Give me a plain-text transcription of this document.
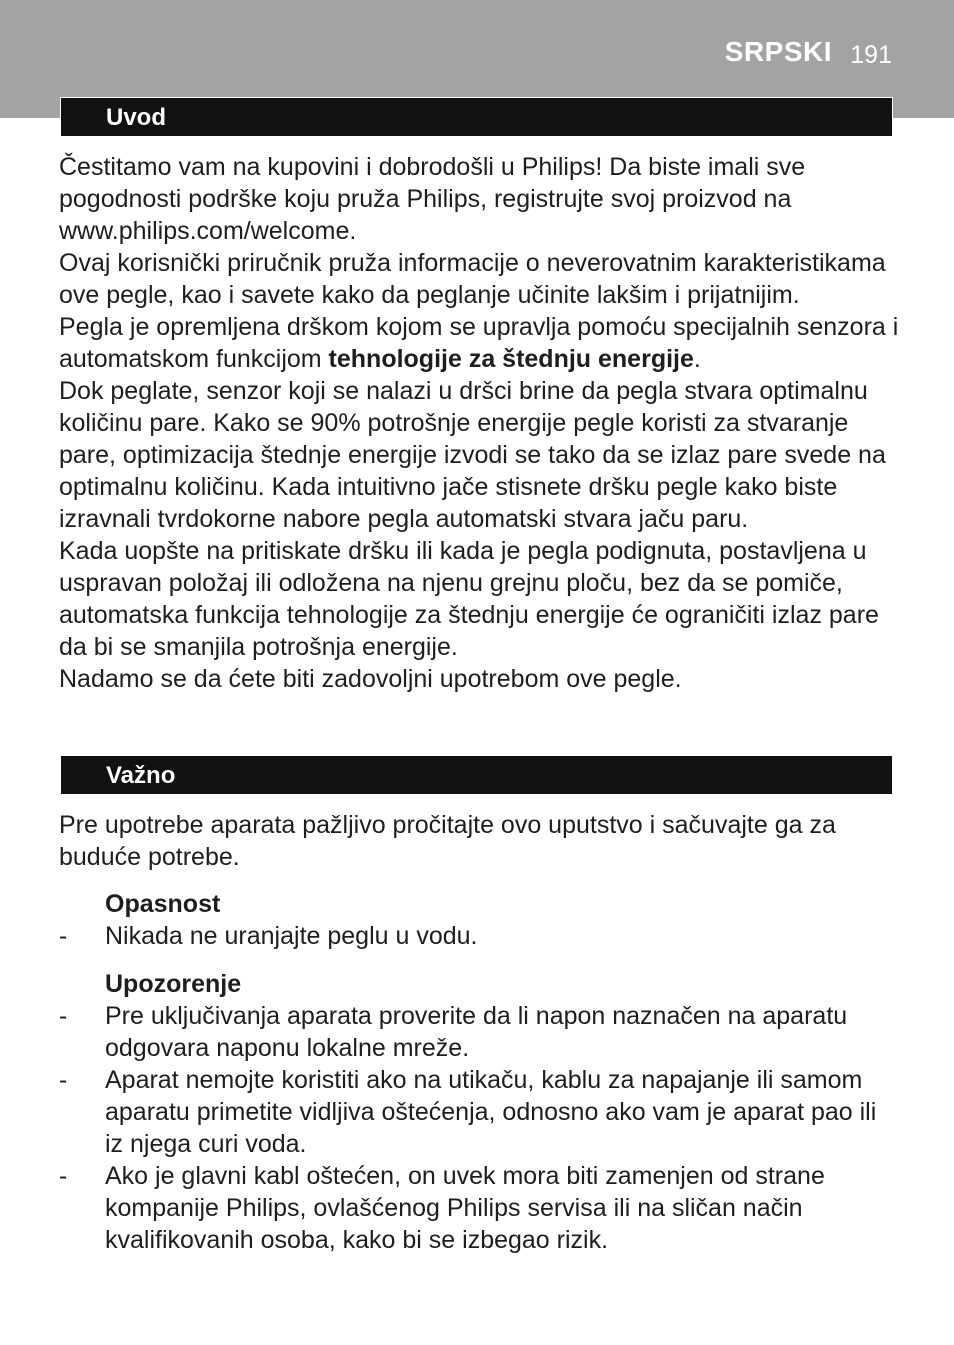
SRPSKI 191
Uvod

Čestitamo vam na kupovini i dobrodošli u Philips! Da biste imali sve pogodnosti podrške koju pruža Philips, registrujte svoj proizvod na www.philips.com/welcome.

Ovaj korisnički priručnik pruža informacije o neverovatnim karakteristikama ove pegle, kao i savete kako da peglanje učinite lakšim i prijatnijim.

Pegla je opremljena drškom kojom se upravlja pomoću specijalnih senzora i automatskom funkcijom tehnologije za štednju energije.

Dok peglate, senzor koji se nalazi u dršci brine da pegla stvara optimalnu količinu pare. Kako se 90% potrošnje energije pegle koristi za stvaranje pare, optimizacija štednje energije izvodi se tako da se izlaz pare svede na optimalnu količinu. Kada intuitivno jače stisnete dršku pegle kako biste izravnali tvrdokorne nabore pegla automatski stvara jaču paru.

Kada uopšte na pritiskate dršku ili kada je pegla podignuta, postavljena u uspravan položaj ili odložena na njenu grejnu ploču, bez da se pomiče, automatska funkcija tehnologije za štednju energije će ograničiti izlaz pare da bi se smanjila potrošnja energije.

Nadamo se da ćete biti zadovoljni upotrebom ove pegle.

Važno

Pre upotrebe aparata pažljivo pročitajte ovo uputstvo i sačuvajte ga za buduće potrebe.

Opasnost
- Nikada ne uranjajte peglu u vodu.
Upozorenje
- Pre uključivanja aparata proverite da li napon naznačen na aparatu odgovara naponu lokalne mreže.
- Aparat nemojte koristiti ako na utikaču, kablu za napajanje ili samom aparatu primetite vidljiva oštećenja, odnosno ako vam je aparat pao ili iz njega curi voda.
- Ako je glavni kabl oštećen, on uvek mora biti zamenjen od strane kompanije Philips, ovlašćenog Philips servisa ili na sličan način kvalifikovanih osoba, kako bi se izbegao rizik.
